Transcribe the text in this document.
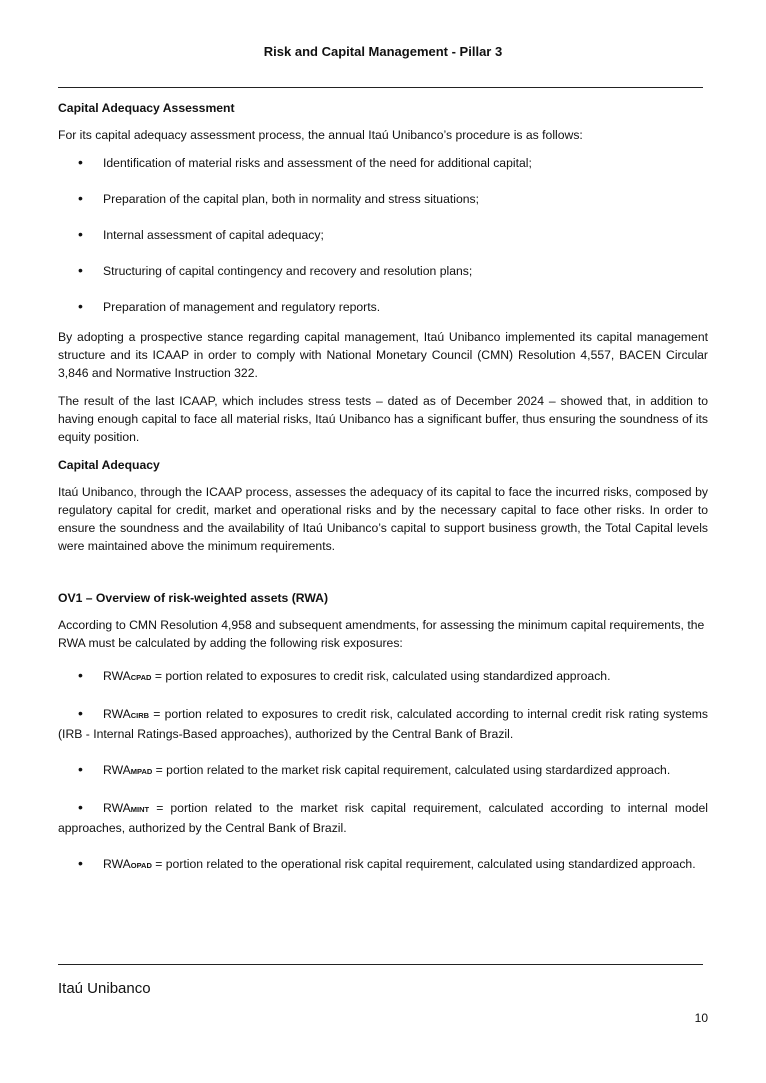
Risk and Capital Management - Pillar 3
Capital Adequacy Assessment

For its capital adequacy assessment process, the annual Itaú Unibanco’s procedure is as follows:

• Identification of material risks and assessment of the need for additional capital;
• Preparation of the capital plan, both in normality and stress situations;
• Internal assessment of capital adequacy;
• Structuring of capital contingency and recovery and resolution plans;
• Preparation of management and regulatory reports.

By adopting a prospective stance regarding capital management, Itaú Unibanco implemented its capital management structure and its ICAAP in order to comply with National Monetary Council (CMN) Resolution 4,557, BACEN Circular 3,846 and Normative Instruction 322.

The result of the last ICAAP, which includes stress tests – dated as of December 2024 – showed that, in addition to having enough capital to face all material risks, Itaú Unibanco has a significant buffer, thus ensuring the soundness of its equity position.

Capital Adequacy

Itaú Unibanco, through the ICAAP process, assesses the adequacy of its capital to face the incurred risks, composed by regulatory capital for credit, market and operational risks and by the necessary capital to face other risks. In order to ensure the soundness and the availability of Itaú Unibanco’s capital to support business growth, the Total Capital levels were maintained above the minimum requirements.

OV1 – Overview of risk-weighted assets (RWA)

According to CMN Resolution 4,958 and subsequent amendments, for assessing the minimum capital requirements, the RWA must be calculated by adding the following risk exposures:

• RWACPAD = portion related to exposures to credit risk, calculated using standardized approach.
• RWACIRB = portion related to exposures to credit risk, calculated according to internal credit risk rating systems (IRB - Internal Ratings-Based approaches), authorized by the Central Bank of Brazil.
• RWAMPAD = portion related to the market risk capital requirement, calculated using stardardized approach.
• RWAMINT = portion related to the market risk capital requirement, calculated according to internal model approaches, authorized by the Central Bank of Brazil.
• RWAOPAD = portion related to the operational risk capital requirement, calculated using standardized approach.
Itaú Unibanco
10
